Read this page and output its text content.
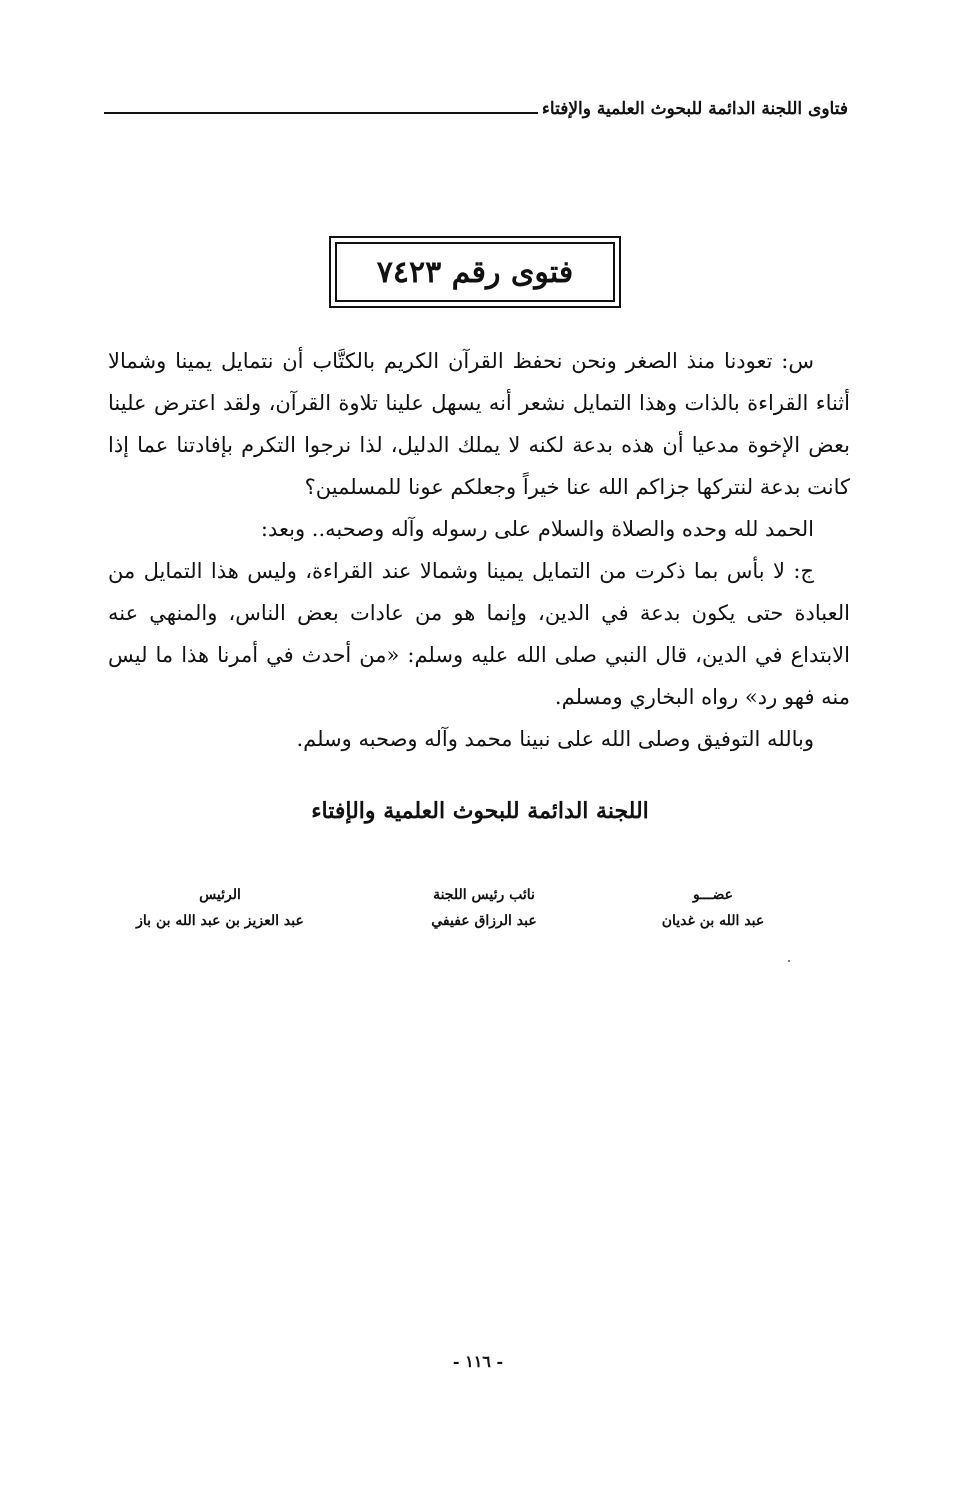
فتاوى اللجنة الدائمة للبحوث العلمية والإفتاء
فتوى رقم ٧٤٢٣

س: تعودنا منذ الصغر ونحن نحفظ القرآن الكريم بالكتَّاب أن نتمايل يمينا وشمالا أثناء القراءة بالذات وهذا التمايل نشعر أنه يسهل علينا تلاوة القرآن، ولقد اعترض علينا بعض الإخوة مدعيا أن هذه بدعة لكنه لا يملك الدليل، لذا نرجوا التكرم بإفادتنا عما إذا كانت بدعة لنتركها جزاكم الله عنا خيراً وجعلكم عونا للمسلمين؟

الحمد لله وحده والصلاة والسلام على رسوله وآله وصحبه.. وبعد:

ج: لا بأس بما ذكرت من التمايل يمينا وشمالا عند القراءة، وليس هذا التمايل من العبادة حتى يكون بدعة في الدين، وإنما هو من عادات بعض الناس، والمنهي عنه الابتداع في الدين، قال النبي صلى الله عليه وسلم: «من أحدث في أمرنا هذا ما ليس منه فهو رد» رواه البخاري ومسلم.

وبالله التوفيق وصلى الله على نبينا محمد وآله وصحبه وسلم.

اللجنة الدائمة للبحوث العلمية والإفتاء
عضـــو
عبد الله بن غديان
نائب رئيس اللجنة
عبد الرزاق عفيفي
الرئيس
عبد العزيز بن عبد الله بن باز
- ١١٦ -
